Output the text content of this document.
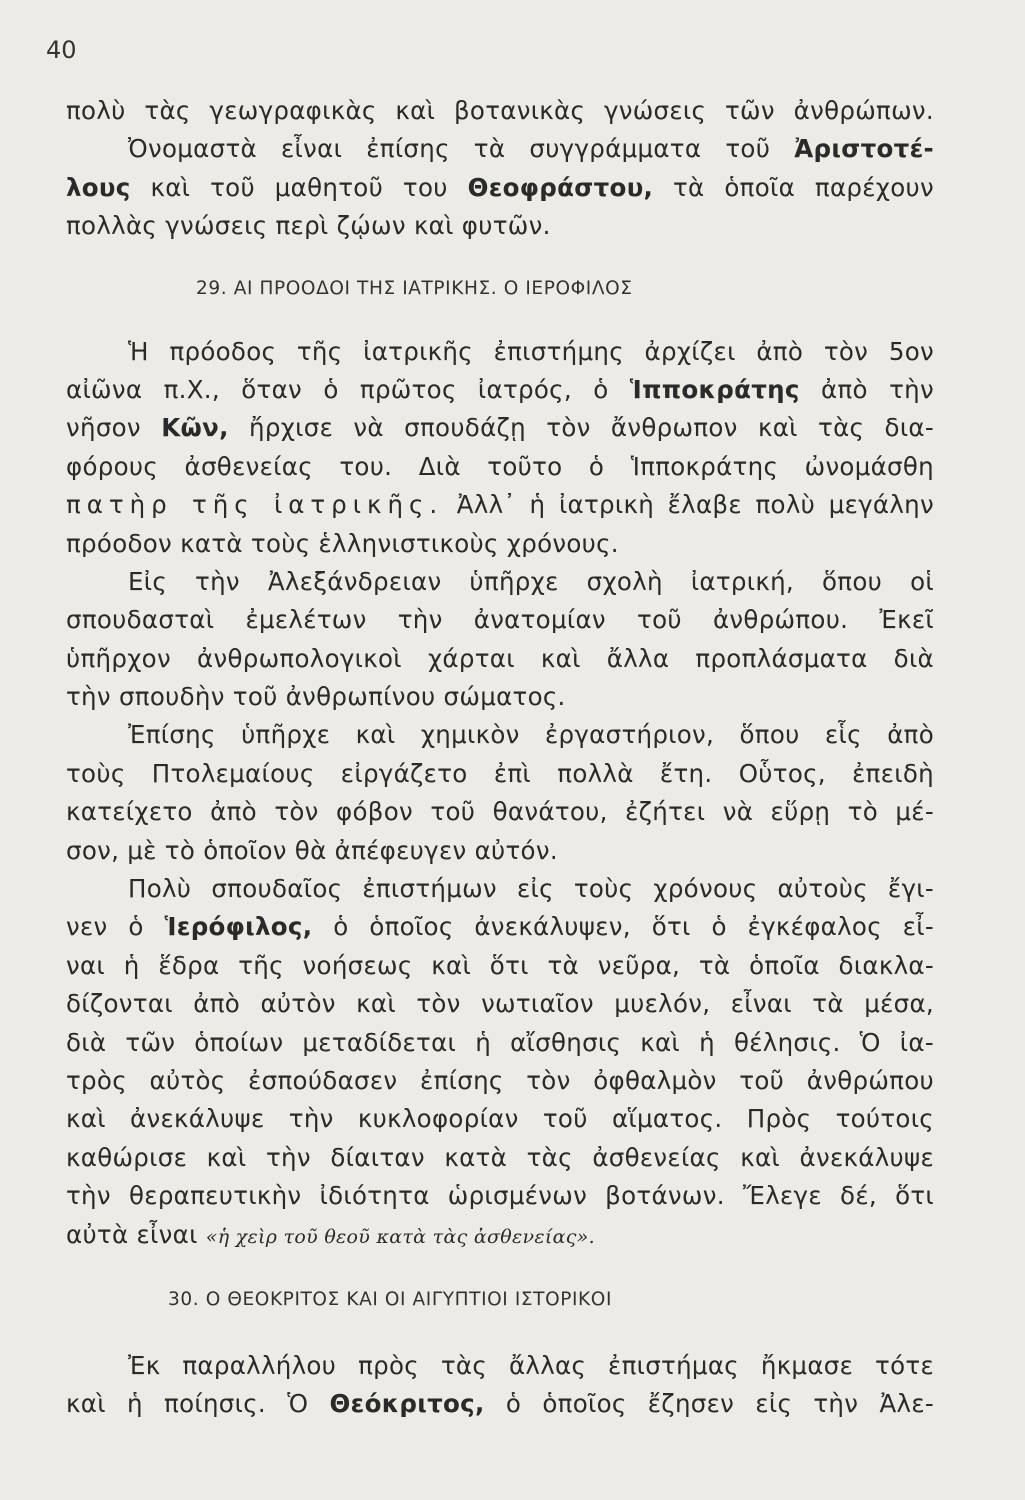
40
πολὺ τὰς γεωγραφικὰς καὶ βοτανικὰς γνώσεις τῶν ἀνθρώπων.
Ὀνομαστὰ εἶναι ἐπίσης τὰ συγγράμματα τοῦ Ἀριστοτέ-
λους καὶ τοῦ μαθητοῦ του Θεοφράστου, τὰ ὁποῖα παρέχουν
πολλὰς γνώσεις περὶ ζῴων καὶ φυτῶν.
29. ΑΙ ΠΡΟΟΔΟΙ ΤΗΣ ΙΑΤΡΙΚΗΣ. Ο ΙΕΡΟΦΙΛΟΣ
Ἡ πρόοδος τῆς ἰατρικῆς ἐπιστήμης ἀρχίζει ἀπὸ τὸν 5ον
αἰῶνα π.Χ., ὅταν ὁ πρῶτος ἰατρός, ὁ Ἱπποκράτης ἀπὸ τὴν
νῆσον Κῶν, ἤρχισε νὰ σπουδάζῃ τὸν ἄνθρωπον καὶ τὰς δια-
φόρους ἀσθενείας του. Διὰ τοῦτο ὁ Ἱπποκράτης ὠνομάσθη
πατὴρ τῆς ἰατρικῆς. Ἀλλ᾽ ἡ ἰατρικὴ ἔλαβε πολὺ μεγάλην
πρόοδον κατὰ τοὺς ἑλληνιστικοὺς χρόνους.
Εἰς τὴν Ἀλεξάνδρειαν ὑπῆρχε σχολὴ ἰατρική, ὅπου οἱ
σπουδασταὶ ἐμελέτων τὴν ἀνατομίαν τοῦ ἀνθρώπου. Ἐκεῖ
ὑπῆρχον ἀνθρωπολογικοὶ χάρται καὶ ἄλλα προπλάσματα διὰ
τὴν σπουδὴν τοῦ ἀνθρωπίνου σώματος.
Ἐπίσης ὑπῆρχε καὶ χημικὸν ἐργαστήριον, ὅπου εἷς ἀπὸ
τοὺς Πτολεμαίους εἰργάζετο ἐπὶ πολλὰ ἔτη. Οὗτος, ἐπειδὴ
κατείχετο ἀπὸ τὸν φόβον τοῦ θανάτου, ἐζήτει νὰ εὕρῃ τὸ μέ-
σον, μὲ τὸ ὁποῖον θὰ ἀπέφευγεν αὐτόν.
Πολὺ σπουδαῖος ἐπιστήμων εἰς τοὺς χρόνους αὐτοὺς ἔγι-
νεν ὁ Ἱερόφιλος, ὁ ὁποῖος ἀνεκάλυψεν, ὅτι ὁ ἐγκέφαλος εἶ-
ναι ἡ ἕδρα τῆς νοήσεως καὶ ὅτι τὰ νεῦρα, τὰ ὁποῖα διακλα-
δίζονται ἀπὸ αὐτὸν καὶ τὸν νωτιαῖον μυελόν, εἶναι τὰ μέσα,
διὰ τῶν ὁποίων μεταδίδεται ἡ αἴσθησις καὶ ἡ θέλησις. Ὁ ἰα-
τρὸς αὐτὸς ἐσπούδασεν ἐπίσης τὸν ὀφθαλμὸν τοῦ ἀνθρώπου
καὶ ἀνεκάλυψε τὴν κυκλοφορίαν τοῦ αἵματος. Πρὸς τούτοις
καθώρισε καὶ τὴν δίαιταν κατὰ τὰς ἀσθενείας καὶ ἀνεκάλυψε
τὴν θεραπευτικὴν ἰδιότητα ὡρισμένων βοτάνων. Ἔλεγε δέ, ὅτι
αὐτὰ εἶναι «ἡ χεὶρ τοῦ θεοῦ κατὰ τὰς ἀσθενείας».
30. Ο ΘΕΟΚΡΙΤΟΣ ΚΑΙ ΟΙ ΑΙΓΥΠΤΙΟΙ ΙΣΤΟΡΙΚΟΙ
Ἐκ παραλλήλου πρὸς τὰς ἄλλας ἐπιστήμας ἤκμασε τότε
καὶ ἡ ποίησις. Ὁ Θεόκριτος, ὁ ὁποῖος ἔζησεν εἰς τὴν Ἀλε-
